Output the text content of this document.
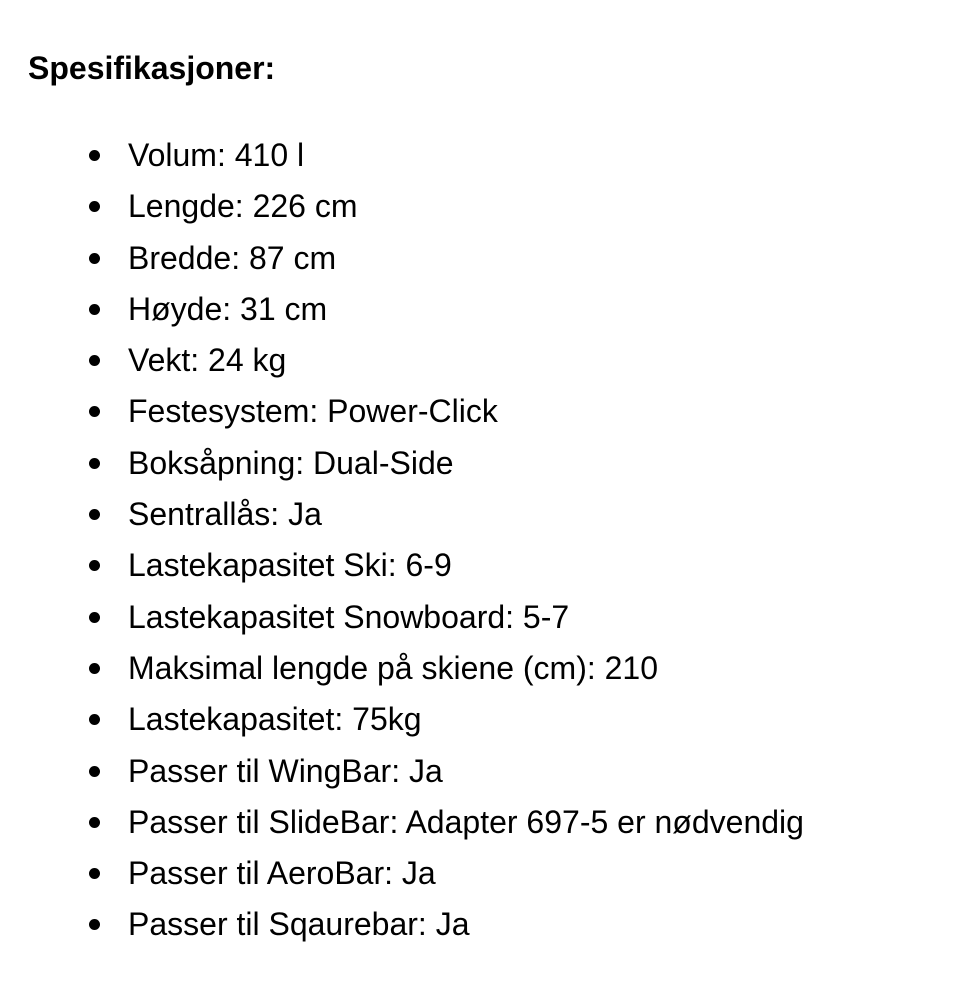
Spesifikasjoner:
Volum: 410 l
Lengde: 226 cm
Bredde: 87 cm
Høyde: 31 cm
Vekt: 24 kg
Festesystem: Power-Click
Boksåpning: Dual-Side
Sentrallås: Ja
Lastekapasitet Ski: 6-9
Lastekapasitet Snowboard: 5-7
Maksimal lengde på skiene (cm): 210
Lastekapasitet: 75kg
Passer til WingBar: Ja
Passer til SlideBar: Adapter 697-5 er nødvendig
Passer til AeroBar: Ja
Passer til Sqaurebar: Ja
